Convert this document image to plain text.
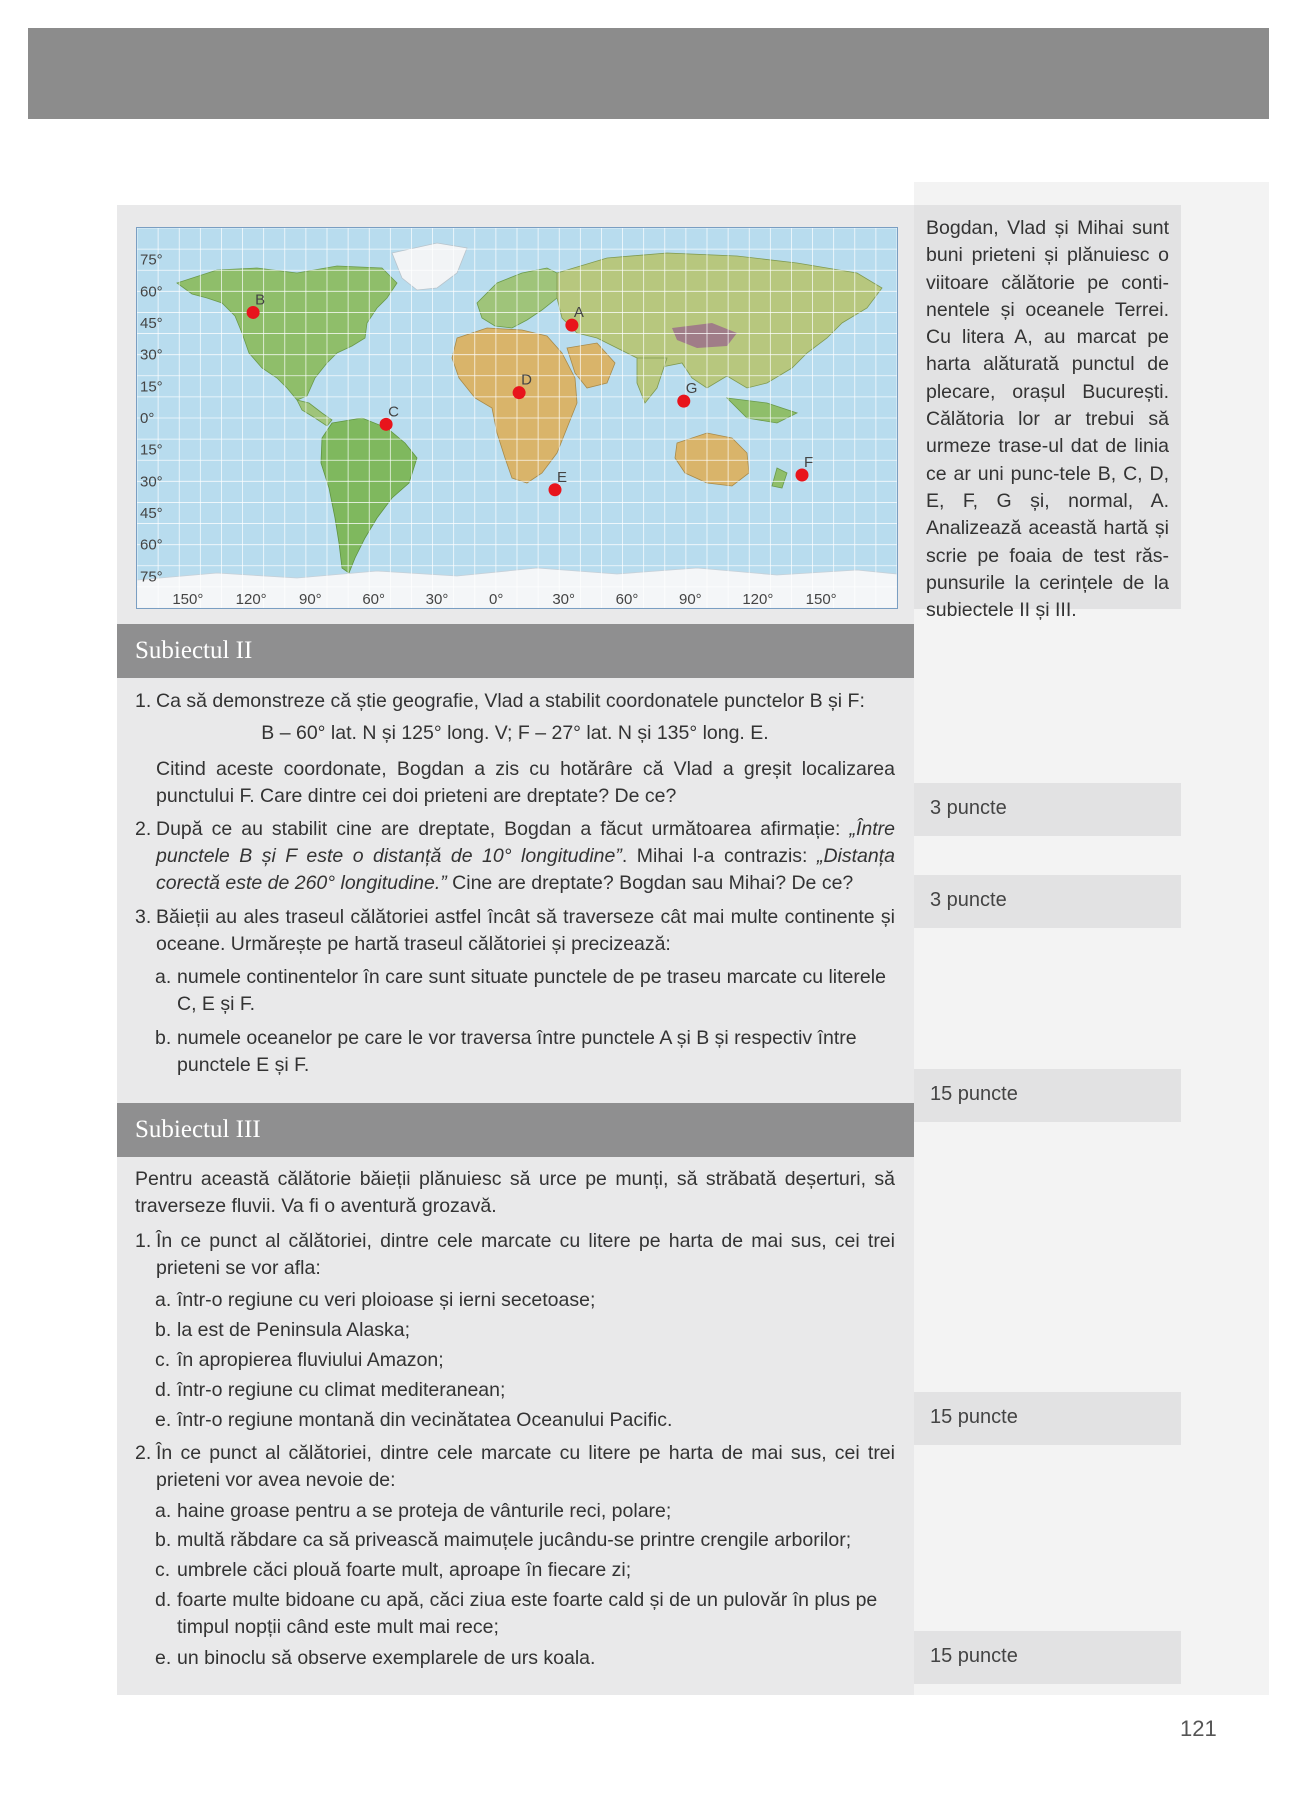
Bogdan, Vlad și Mihai sunt buni prieteni și plănuiesc o viitoare călătorie pe conti-nentele și oceanele Terrei. Cu litera A, au marcat pe harta alăturată punctul de plecare, orașul București. Călătoria lor ar trebui să urmeze trase-ul dat de linia ce ar uni punc-tele B, C, D, E, F, G și, normal, A. Analizează această hartă și scrie pe foaia de test răs-punsurile la cerințele de la subiectele II și III.

75°
60°
45°
30°
15°
0°
15°
30°
45°
60°
75°
150° 120° 90°	60°	30°	0°	30°	60°	90°	120° 150°
A
B
C
D
E
F
G
Subiectul II
1. Ca să demonstreze că știe geografie, Vlad a stabilit coordonatele punctelor B și F:
B – 60° lat. N și 125° long. V; F – 27° lat. N și 135° long. E.
Citind aceste coordonate, Bogdan a zis cu hotărâre că Vlad a greșit localizarea punctului F. Care dintre cei doi prieteni are dreptate? De ce?
2. După ce au stabilit cine are dreptate, Bogdan a făcut următoarea afirmație: „Între punctele B și F este o distanță de 10° longitudine”. Mihai l-a contrazis: „Distanța corectă este de 260° longitudine.” Cine are dreptate? Bogdan sau Mihai? De ce?
3. Băieții au ales traseul călătoriei astfel încât să traverseze cât mai multe continente și oceane. Urmărește pe hartă traseul călătoriei și precizează:
a. numele continentelor în care sunt situate punctele de pe traseu marcate cu literele C, E și F.
b. numele oceanelor pe care le vor traversa între punctele A și B și respectiv între punctele E și F.
3 puncte
3 puncte
15 puncte
Subiectul III
Pentru această călătorie băieții plănuiesc să urce pe munți, să străbată deșerturi, să traverseze fluvii. Va fi o aventură grozavă.
1. În ce punct al călătoriei, dintre cele marcate cu litere pe harta de mai sus, cei trei prieteni se vor afla:
a. într-o regiune cu veri ploioase și ierni secetoase;
b. la est de Peninsula Alaska;
c. în apropierea fluviului Amazon;
d. într-o regiune cu climat mediteranean;
e. într-o regiune montană din vecinătatea Oceanului Pacific.
2. În ce punct al călătoriei, dintre cele marcate cu litere pe harta de mai sus, cei trei prieteni vor avea nevoie de:
a. haine groase pentru a se proteja de vânturile reci, polare;
b. multă răbdare ca să privească maimuțele jucându-se printre crengile arborilor;
c. umbrele căci plouă foarte mult, aproape în fiecare zi;
d. foarte multe bidoane cu apă, căci ziua este foarte cald și de un pulovăr în plus pe timpul nopții când este mult mai rece;
e. un binoclu să observe exemplarele de urs koala.
15 puncte
15 puncte
121
